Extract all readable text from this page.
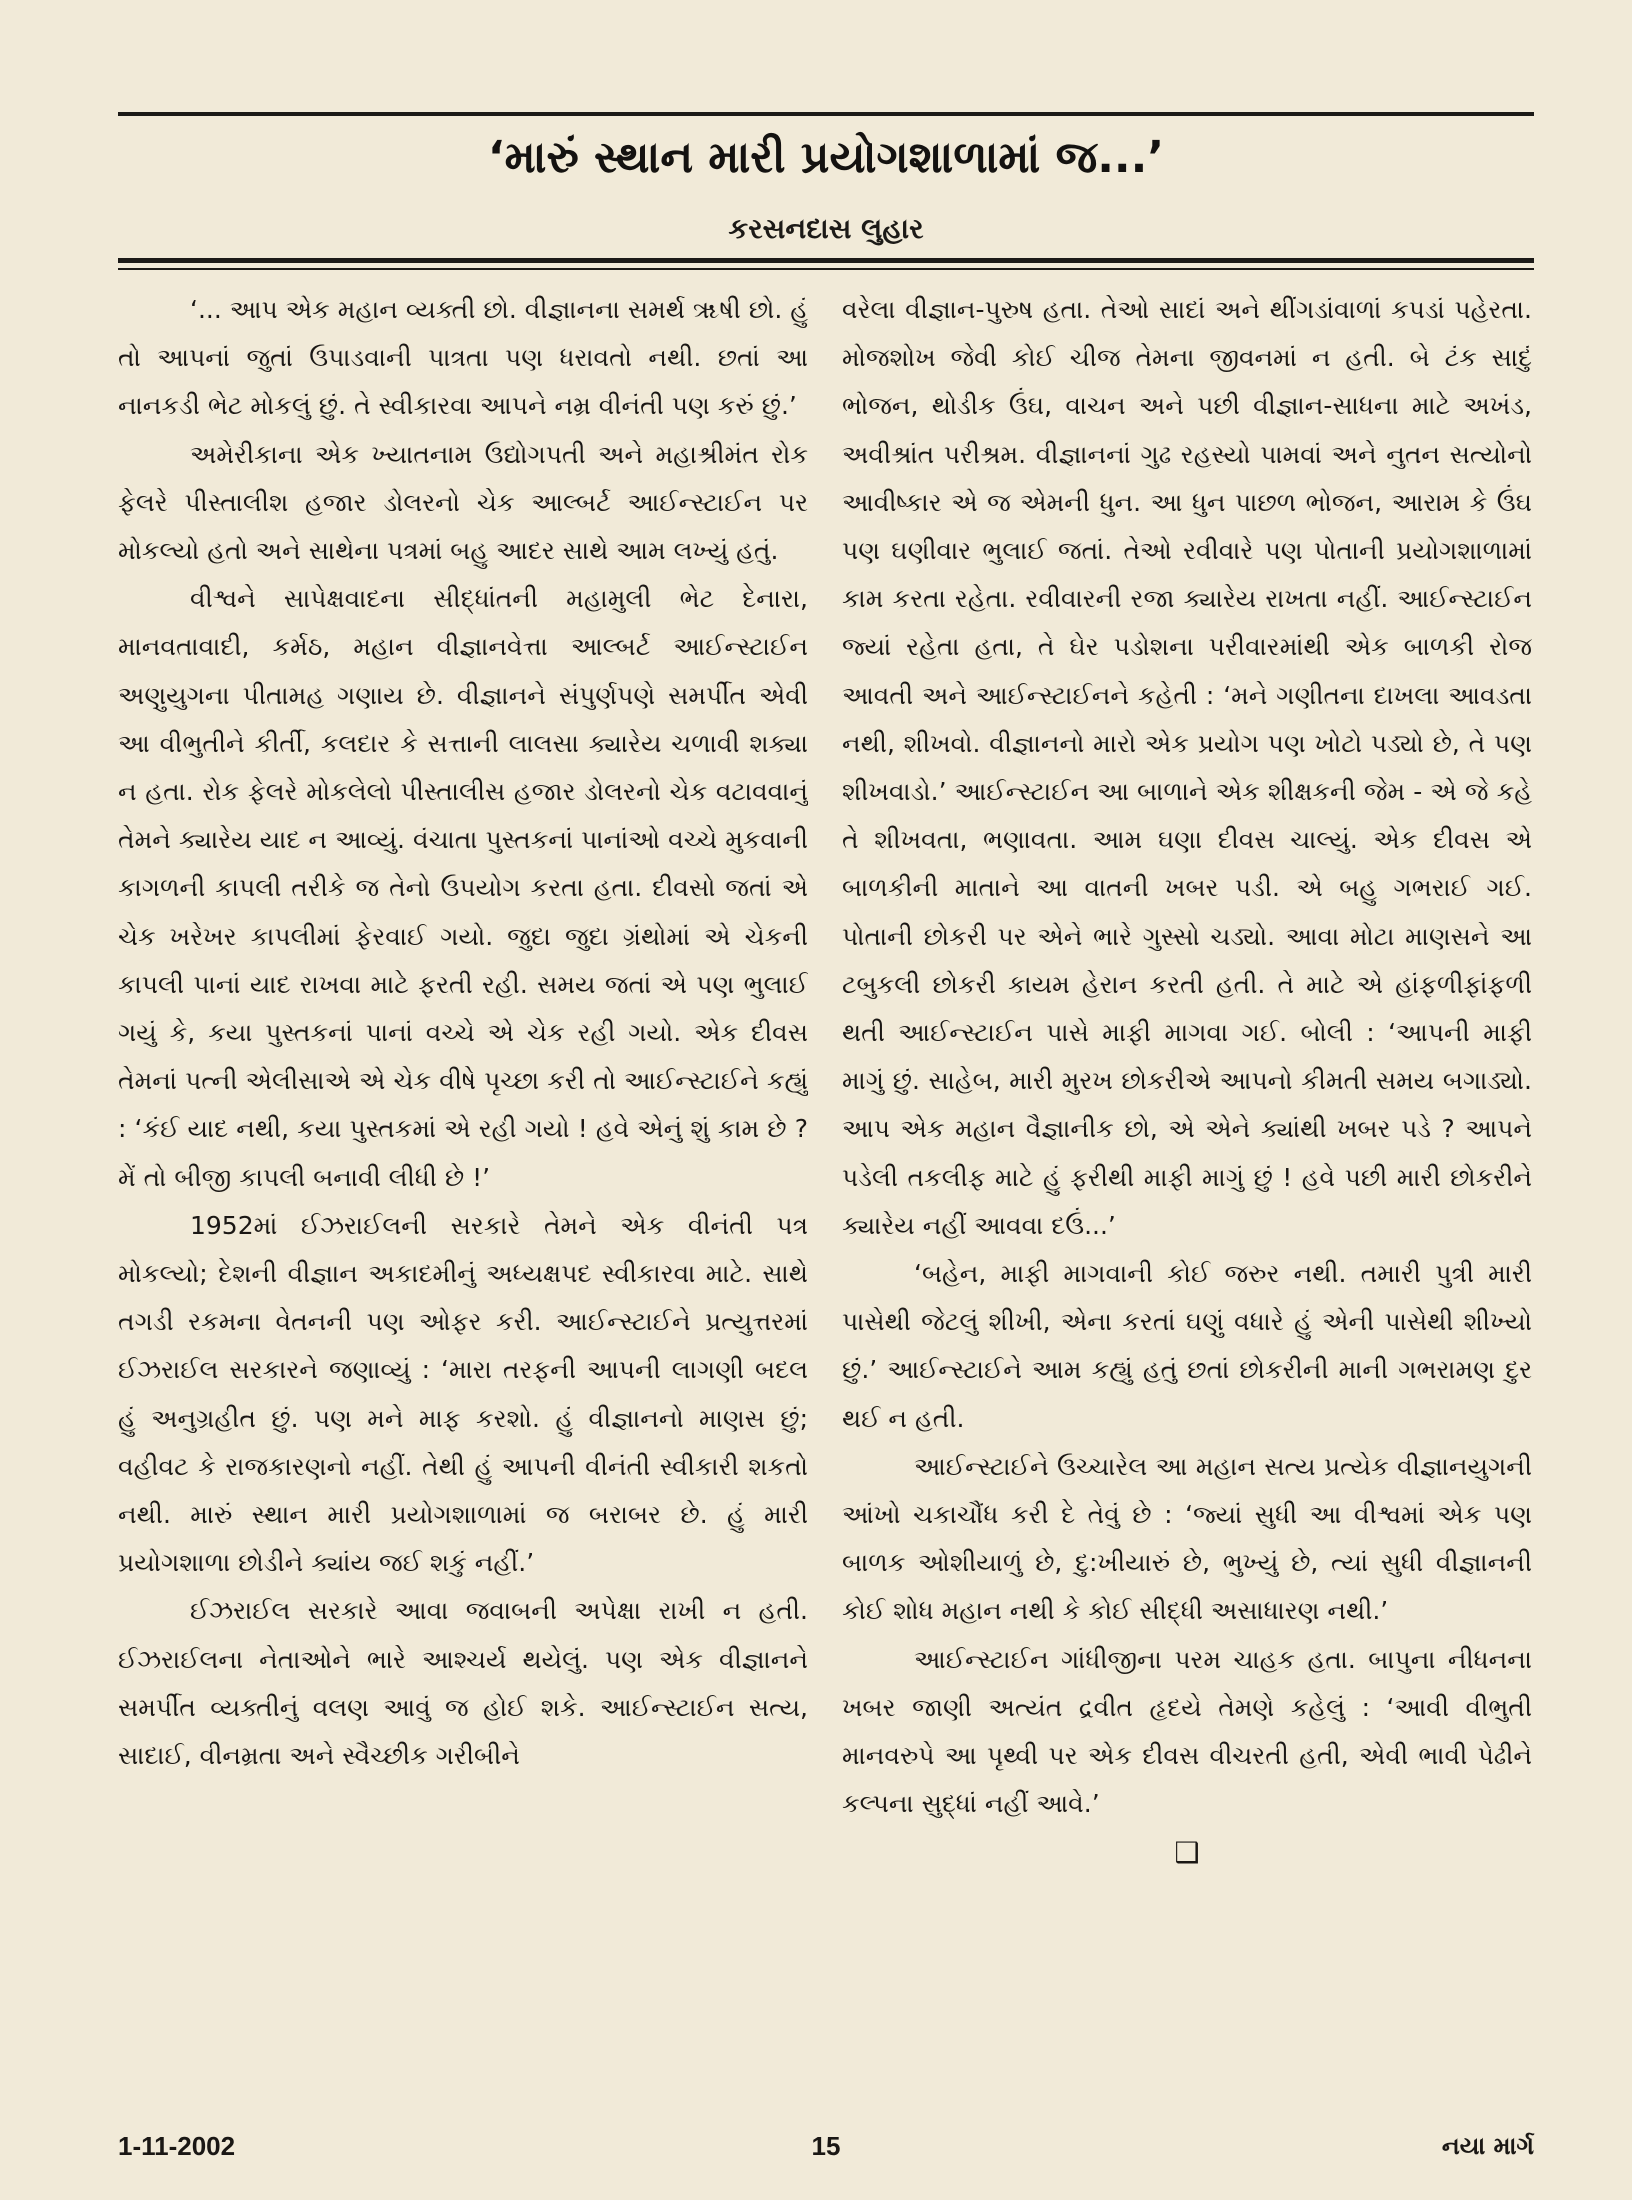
‘મારું સ્થાન મારી પ્રયોગશાળામાં જ...’
કરસનદાસ લુહાર

‘... આપ એક મહાન વ્યક્તી છો. વીજ્ઞાનના સમર્થ ૠષી છો. હું તો આપનાં જુતાં ઉપાડવાની પાત્રતા પણ ધરાવતો નથી. છતાં આ નાનકડી ભેટ મોકલું છું. તે સ્વીકારવા આપને નમ્ર વીનંતી પણ કરું છું.’

અમેરીકાના એક ખ્યાતનામ ઉદ્યોગપતી અને મહાશ્રીમંત રોક ફેલરે પીસ્તાલીશ હજાર ડોલરનો ચેક આલ્બર્ટ આઈન્સ્ટાઈન પર મોકલ્યો હતો અને સાથેના પત્રમાં બહુ આદર સાથે આમ લખ્યું હતું.

વીશ્વને સાપેક્ષવાદના સીદ્ધાંતની મહામુલી ભેટ દેનારા, માનવતાવાદી, કર્મઠ, મહાન વીજ્ઞાનવેત્તા આલ્બર્ટ આઈન્સ્ટાઈન અણુયુગના પીતામહ ગણાય છે. વીજ્ઞાનને સંપુર્ણપણે સમર્પીત એવી આ વીભુતીને કીર્તી, કલદાર કે સત્તાની લાલસા ક્યારેય ચળાવી શક્યા ન હતા. રોક ફેલરે મોકલેલો પીસ્તાલીસ હજાર ડોલરનો ચેક વટાવવાનું તેમને ક્યારેય યાદ ન આવ્યું. વંચાતા પુસ્તકનાં પાનાંઓ વચ્ચે મુકવાની કાગળની કાપલી તરીકે જ તેનો ઉપયોગ કરતા હતા. દીવસો જતાં એ ચેક ખરેખર કાપલીમાં ફેરવાઈ ગયો. જુદા જુદા ગ્રંથોમાં એ ચેકની કાપલી પાનાં યાદ રાખવા માટે ફરતી રહી. સમય જતાં એ પણ ભુલાઈ ગયું કે, કયા પુસ્તકનાં પાનાં વચ્ચે એ ચેક રહી ગયો. એક દીવસ તેમનાં પત્ની એલીસાએ એ ચેક વીષે પૃચ્છા કરી તો આઈન્સ્ટાઈને કહ્યું : ‘કંઈ યાદ નથી, કયા પુસ્તકમાં એ રહી ગયો ! હવે એનું શું કામ છે ? મેં તો બીજી કાપલી બનાવી લીધી છે !’

1952માં ઈઝરાઈલની સરકારે તેમને એક વીનંતી પત્ર મોકલ્યો; દેશની વીજ્ઞાન અકાદમીનું અધ્યક્ષપદ સ્વીકારવા માટે. સાથે તગડી રકમના વેતનની પણ ઓફર કરી. આઈન્સ્ટાઈને પ્રત્યુત્તરમાં ઈઝરાઈલ સરકારને જણાવ્યું : ‘મારા તરફની આપની લાગણી બદલ હું અનુગ્રહીત છું. પણ મને માફ કરશો. હું વીજ્ઞાનનો માણસ છું; વહીવટ કે રાજકારણનો નહીં. તેથી હું આપની વીનંતી સ્વીકારી શકતો નથી. મારું સ્થાન મારી પ્રયોગશાળામાં જ બરાબર છે. હું મારી પ્રયોગશાળા છોડીને ક્યાંય જઈ શકું નહીં.’

ઈઝરાઈલ સરકારે આવા જવાબની અપેક્ષા રાખી ન હતી. ઈઝરાઈલના નેતાઓને ભારે આશ્ચર્ય થયેલું. પણ એક વીજ્ઞાનને સમર્પીત વ્યક્તીનું વલણ આવું જ હોઈ શકે. આઈન્સ્ટાઈન સત્ય, સાદાઈ, વીનમ્રતા અને સ્વૈચ્છીક ગરીબીને

વરેલા વીજ્ઞાન-પુરુષ હતા. તેઓ સાદાં અને થીંગડાંવાળાં કપડાં પહેરતા. મોજશોખ જેવી કોઈ ચીજ તેમના જીવનમાં ન હતી. બે ટંક સાદું ભોજન, થોડીક ઉંઘ, વાચન અને પછી વીજ્ઞાન-સાધના માટે અખંડ, અવીશ્રાંત પરીશ્રમ. વીજ્ઞાનનાં ગુઢ રહસ્યો પામવાં અને નુતન સત્યોનો આવીષ્કાર એ જ એમની ધુન. આ ધુન પાછળ ભોજન, આરામ કે ઉંઘ પણ ઘણીવાર ભુલાઈ જતાં. તેઓ રવીવારે પણ પોતાની પ્રયોગશાળામાં કામ કરતા રહેતા. રવીવારની રજા ક્યારેય રાખતા નહીં. આઈન્સ્ટાઈન જ્યાં રહેતા હતા, તે ઘેર પડોશના પરીવારમાંથી એક બાળકી રોજ આવતી અને આઈન્સ્ટાઈનને કહેતી : ‘મને ગણીતના દાખલા આવડતા નથી, શીખવો. વીજ્ઞાનનો મારો એક પ્રયોગ પણ ખોટો પડ્યો છે, તે પણ શીખવાડો.’ આઈન્સ્ટાઈન આ બાળાને એક શીક્ષકની જેમ - એ જે કહે તે શીખવતા, ભણાવતા. આમ ઘણા દીવસ ચાલ્યું. એક દીવસ એ બાળકીની માતાને આ વાતની ખબર પડી. એ બહુ ગભરાઈ ગઈ. પોતાની છોકરી પર એને ભારે ગુસ્સો ચડ્યો. આવા મોટા માણસને આ ટબુકલી છોકરી કાયમ હેરાન કરતી હતી. તે માટે એ હાંફળીફાંફળી થતી આઈન્સ્ટાઈન પાસે માફી માગવા ગઈ. બોલી : ‘આપની માફી માગું છું. સાહેબ, મારી મુરખ છોકરીએ આપનો કીમતી સમય બગાડ્યો. આપ એક મહાન વૈજ્ઞાનીક છો, એ એને ક્યાંથી ખબર પડે ? આપને પડેલી તકલીફ માટે હું ફરીથી માફી માગું છું ! હવે પછી મારી છોકરીને ક્યારેય નહીં આવવા દઉં...’

‘બહેન, માફી માગવાની કોઈ જરુર નથી. તમારી પુત્રી મારી પાસેથી જેટલું શીખી, એના કરતાં ઘણું વધારે હું એની પાસેથી શીખ્યો છું.’ આઈન્સ્ટાઈને આમ કહ્યું હતું છતાં છોકરીની માની ગભરામણ દુર થઈ ન હતી.

આઈન્સ્ટાઈને ઉચ્ચારેલ આ મહાન સત્ય પ્રત્યેક વીજ્ઞાનયુગની આંખો ચકાચૌંધ કરી દે તેવું છે : ‘જ્યાં સુધી આ વીશ્વમાં એક પણ બાળક ઓશીયાળું છે, દુ:ખીયારું છે, ભુખ્યું છે, ત્યાં સુધી વીજ્ઞાનની કોઈ શોધ મહાન નથી કે કોઈ સીદ્ધી અસાધારણ નથી.’

આઈન્સ્ટાઈન ગાંધીજીના પરમ ચાહક હતા. બાપુના નીધનના ખબર જાણી અત્યંત દ્રવીત હૃદયે તેમણે કહેલું : ‘આવી વીભુતી માનવરુપે આ પૃથ્વી પર એક દીવસ વીચરતી હતી, એવી ભાવી પેઢીને કલ્પના સુદ્ધાં નહીં આવે.’

❑
1-11-2002	15	નયા માર્ગ
